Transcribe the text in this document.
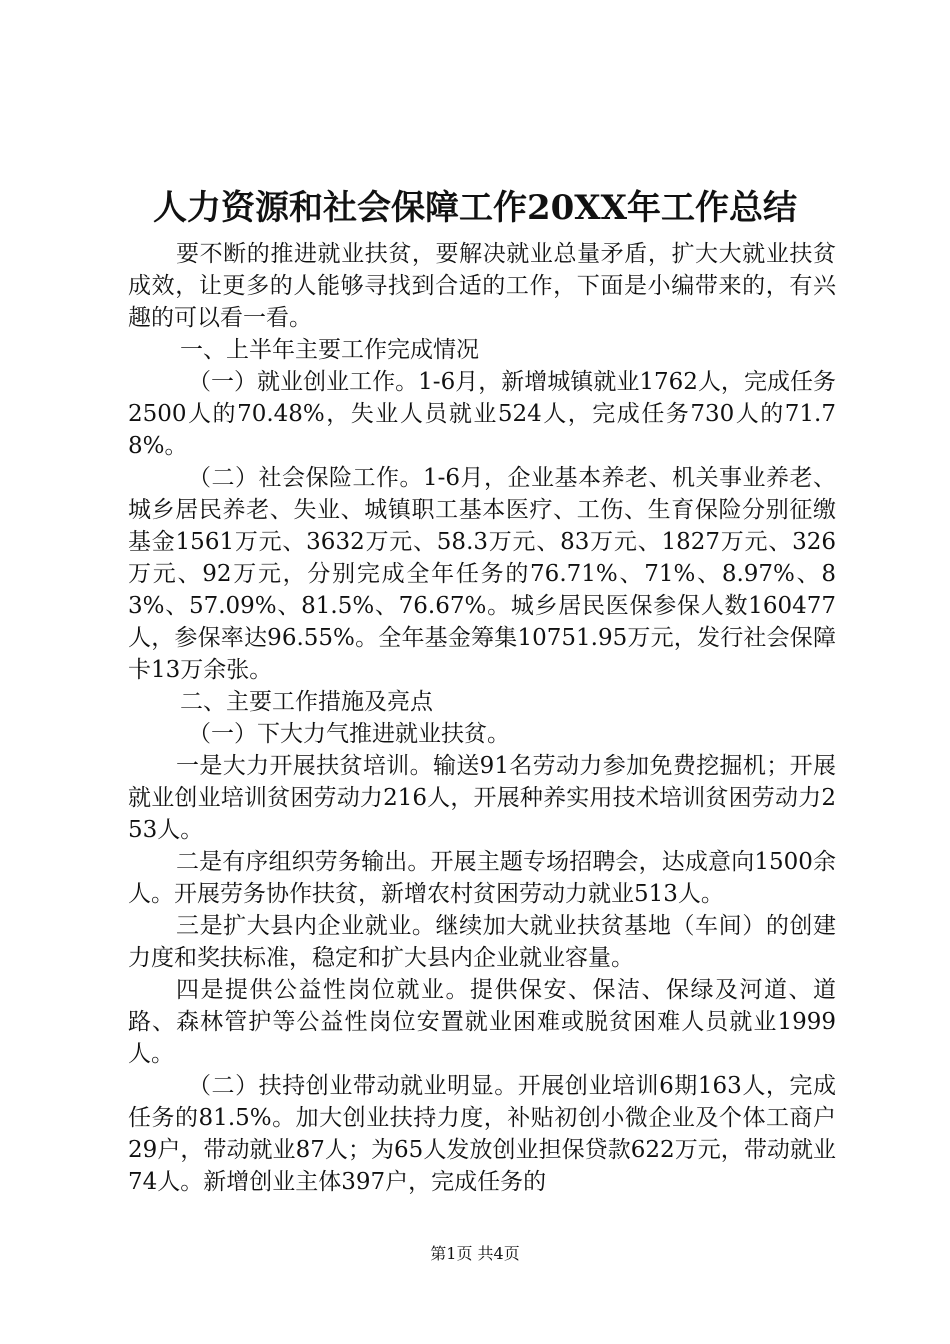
人力资源和社会保障工作20XX年工作总结

要不断的推进就业扶贫，要解决就业总量矛盾，扩大大就业扶贫成效，让更多的人能够寻找到合适的工作，下面是小编带来的，有兴趣的可以看一看。

一、上半年主要工作完成情况

（一）就业创业工作。1-6月，新增城镇就业1762人，完成任务2500人的70.48%，失业人员就业524人，完成任务730人的71.78%。

（二）社会保险工作。1-6月，企业基本养老、机关事业养老、城乡居民养老、失业、城镇职工基本医疗、工伤、生育保险分别征缴基金1561万元、3632万元、58.3万元、83万元、1827万元、326万元、92万元，分别完成全年任务的76.71%、71%、8.97%、83%、57.09%、81.5%、76.67%。城乡居民医保参保人数160477人，参保率达96.55%。全年基金筹集10751.95万元，发行社会保障卡13万余张。

二、主要工作措施及亮点

（一）下大力气推进就业扶贫。

一是大力开展扶贫培训。输送91名劳动力参加免费挖掘机；开展就业创业培训贫困劳动力216人，开展种养实用技术培训贫困劳动力253人。

二是有序组织劳务输出。开展主题专场招聘会，达成意向1500余人。开展劳务协作扶贫，新增农村贫困劳动力就业513人。

三是扩大县内企业就业。继续加大就业扶贫基地（车间）的创建力度和奖扶标准，稳定和扩大县内企业就业容量。

四是提供公益性岗位就业。提供保安、保洁、保绿及河道、道路、森林管护等公益性岗位安置就业困难或脱贫困难人员就业1999人。

（二）扶持创业带动就业明显。开展创业培训6期163人，完成任务的81.5%。加大创业扶持力度，补贴初创小微企业及个体工商户29户，带动就业87人；为65人发放创业担保贷款622万元，带动就业74人。新增创业主体397户，完成任务的

第1页 共4页
